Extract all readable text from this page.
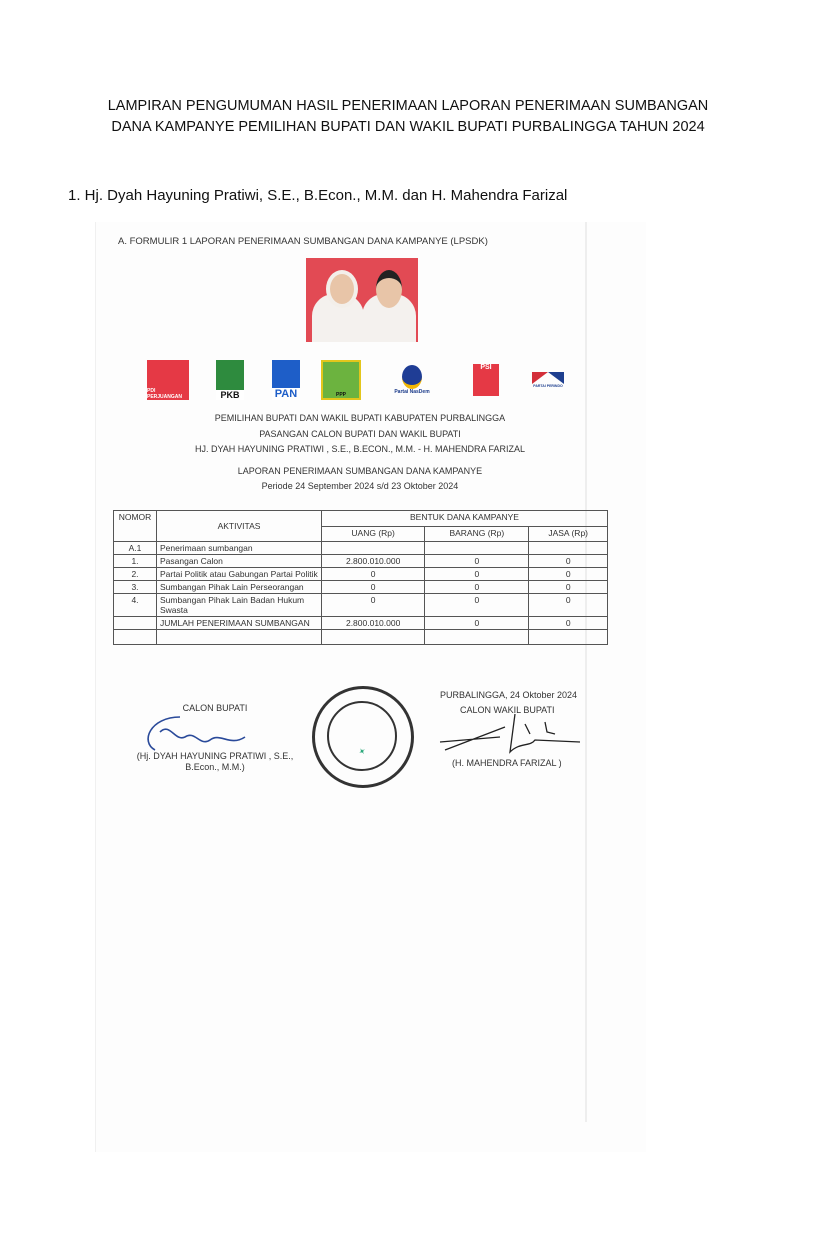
LAMPIRAN PENGUMUMAN HASIL PENERIMAAN LAPORAN PENERIMAAN SUMBANGAN
DANA KAMPANYE PEMILIHAN BUPATI DAN WAKIL BUPATI PURBALINGGA TAHUN 2024
1. Hj. Dyah Hayuning Pratiwi, S.E., B.Econ., M.M. dan H. Mahendra Farizal
A. FORMULIR 1 LAPORAN PENERIMAAN SUMBANGAN DANA KAMPANYE (LPSDK)
PDI PERJUANGAN	PKB	PAN	PPP	Partai NasDem
PSI
PARTAI PERINDO
PEMILIHAN BUPATI DAN WAKIL BUPATI KABUPATEN PURBALINGGA
PASANGAN CALON BUPATI DAN WAKIL BUPATI
HJ. DYAH HAYUNING PRATIWI , S.E., B.ECON., M.M. - H. MAHENDRA FARIZAL
LAPORAN PENERIMAAN SUMBANGAN DANA KAMPANYE
Periode 24 September 2024 s/d 23 Oktober 2024
NOMOR	AKTIVITAS	BENTUK DANA KAMPANYE		
		UANG (Rp)	BARANG (Rp)	JASA (Rp)
A.1	Penerimaan sumbangan			
1.	Pasangan Calon	2.800.010.000	0	0
2.	Partai Politik atau Gabungan Partai Politik	0	0	0
3.	Sumbangan Pihak Lain Perseorangan	0	0	0
4.	Sumbangan Pihak Lain Badan Hukum Swasta	0	0	0
	JUMLAH PENERIMAAN SUMBANGAN	2.800.010.000	0	0

CALON BUPATI
(Hj. DYAH HAYUNING PRATIWI , S.E.,
B.Econ., M.M.)
✦
PURBALINGGA, 24 Oktober 2024
CALON WAKIL BUPATI
(H. MAHENDRA FARIZAL )
